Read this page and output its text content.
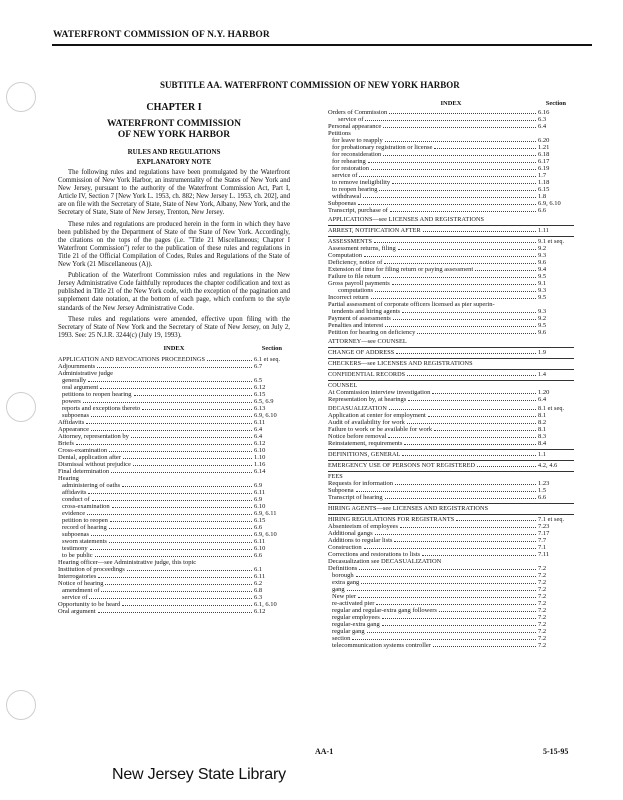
WATERFRONT COMMISSION OF N.Y. HARBOR
SUBTITLE AA. WATERFRONT COMMISSION OF NEW YORK HARBOR
CHAPTER I
WATERFRONT COMMISSION
OF NEW YORK HARBOR
RULES AND REGULATIONS
EXPLANATORY NOTE

The following rules and regulations have been promulgated by the Waterfront Commission of New York Harbor, an instrumentality of the States of New York and New Jersey, pursuant to the authority of the Waterfront Commission Act, Part I, Article IV, Section 7 [New York L. 1953, ch. 882; New Jersey L. 1953, ch. 202], and are on file with the Secretary of State, State of New York, Albany, New York, and the Secretary of State, State of New Jersey, Trenton, New Jersey.

These rules and regulations are produced herein in the form in which they have been published by the Department of State of the State of New York. Accordingly, the citations on the tops of the pages (i.e. "Title 21 Miscellaneous; Chapter I Waterfront Commission") refer to the publication of these rules and regulations in Title 21 of the Official Compilation of Codes, Rules and Regulations of the State of New York (21 Miscellaneous (A)).

Publication of the Waterfront Commission rules and regulations in the New Jersey Administrative Code faithfully reproduces the chapter codification and text as published in Title 21 of the New York code, with the exception of the pagination and supplement date notation, at the bottom of each page, which conform to the style standards of the New Jersey Administrative Code.

These rules and regulations were amended, effective upon filing with the Secretary of State of New York and the Secretary of State of New Jersey, on July 2, 1993. See: 25 N.J.R. 3244(c) (July 19, 1993).

INDEX	Section
APPLICATION AND REVOCATIONS PROCEEDINGS	6.1 et seq.
Adjournments	6.7
Administrative judge
generally	6.5
oral argument	6.12
petitions to reopen hearing	6.15
powers	6.5, 6.9
reports and exceptions thereto	6.13
subpoenas	6.9, 6.10
Affidavits	6.11
Appearance	6.4
Attorney, representation by	6.4
Briefs	6.12
Cross-examination	6.10
Denial, application after	1.10
Dismissal without prejudice	1.16
Final determination	6.14
Hearing
administering of oaths	6.9
affidavits	6.11
conduct of	6.9
cross-examination	6.10
evidence	6.9, 6.11
petition to reopen	6.15
record of hearing	6.6
subpoenas	6.9, 6.10
sworn statements	6.11
testimony	6.10
to be public	6.6
Hearing officer—see Administrative judge, this topic
Institution of proceedings	6.1
Interrogatories	6.11
Notice of hearing	6.2
amendment of	6.8
service of	6.3
Opportunity to be heard	6.1, 6.10
Oral argument	6.12
INDEX	Section
Orders of Commission	6.16
service of	6.3
Personal appearance	6.4
Petitions
for leave to reapply	6.20
for probationary registration or license	1.21
for reconsideration	6.18
for rehearing	6.17
for restoration	6.19
service of	1.7
to remove ineligibility	1.18
to reopen hearing	6.15
withdrawal	1.8
Subpoenas	6.9, 6.10
Transcript, purchase of	6.6
APPLICATIONS—see LICENSES AND REGISTRATIONS
ARREST, NOTIFICATION AFTER	1.11
ASSESSMENTS	9.1 et seq.
Assessment returns, filing	9.2
Computation	9.3
Deficiency, notice of	9.6
Extension of time for filing return or paying assessment	9.4
Failure to file return	9.5
Gross payroll payments	9.1
computations	9.3
Incorrect return	9.5
Partial assessment of corporate officers licensed as pier superin-
tendents and hiring agents	9.3
Payment of assessments	9.2
Penalties and interest	9.5
Petition for hearing on deficiency	9.6
ATTORNEY—see COUNSEL
CHANGE OF ADDRESS	1.9
CHECKERS—see LICENSES AND REGISTRATIONS
CONFIDENTIAL RECORDS	1.4
COUNSEL
At Commission interview investigation	1.20
Representation by, at hearings	6.4
DECASUALIZATION	8.1 et seq.
Application at center for employment	8.1
Audit of availability for work	8.2
Failure to work or be available for work	8.1
Notice before removal	8.3
Reinstatement, requirements	8.4
DEFINITIONS, GENERAL	1.1
EMERGENCY USE OF PERSONS NOT REGISTERED	4.2, 4.6
FEES
Requests for information	1.23
Subpoena	1.5
Transcript of hearing	6.6
HIRING AGENTS—see LICENSES AND REGISTRATIONS
HIRING REGULATIONS FOR REGISTRANTS	7.1 et seq.
Absenteeism of employees	7.23
Additional gangs	7.17
Additions to regular lists	7.7
Construction	7.1
Corrections and restorations to lists	7.11
Decasualization see DECASUALIZATION
Definitions	7.2
borough	7.2
extra gang	7.2
gang	7.2
New pier	7.2
re-activated pier	7.2
regular and regular-extra gang followers	7.2
regular employees	7.2
regular-extra gang	7.2
regular gang	7.2
section	7.2
telecommunication systems controller	7.2
AA-1	5-15-95
New Jersey State Library
